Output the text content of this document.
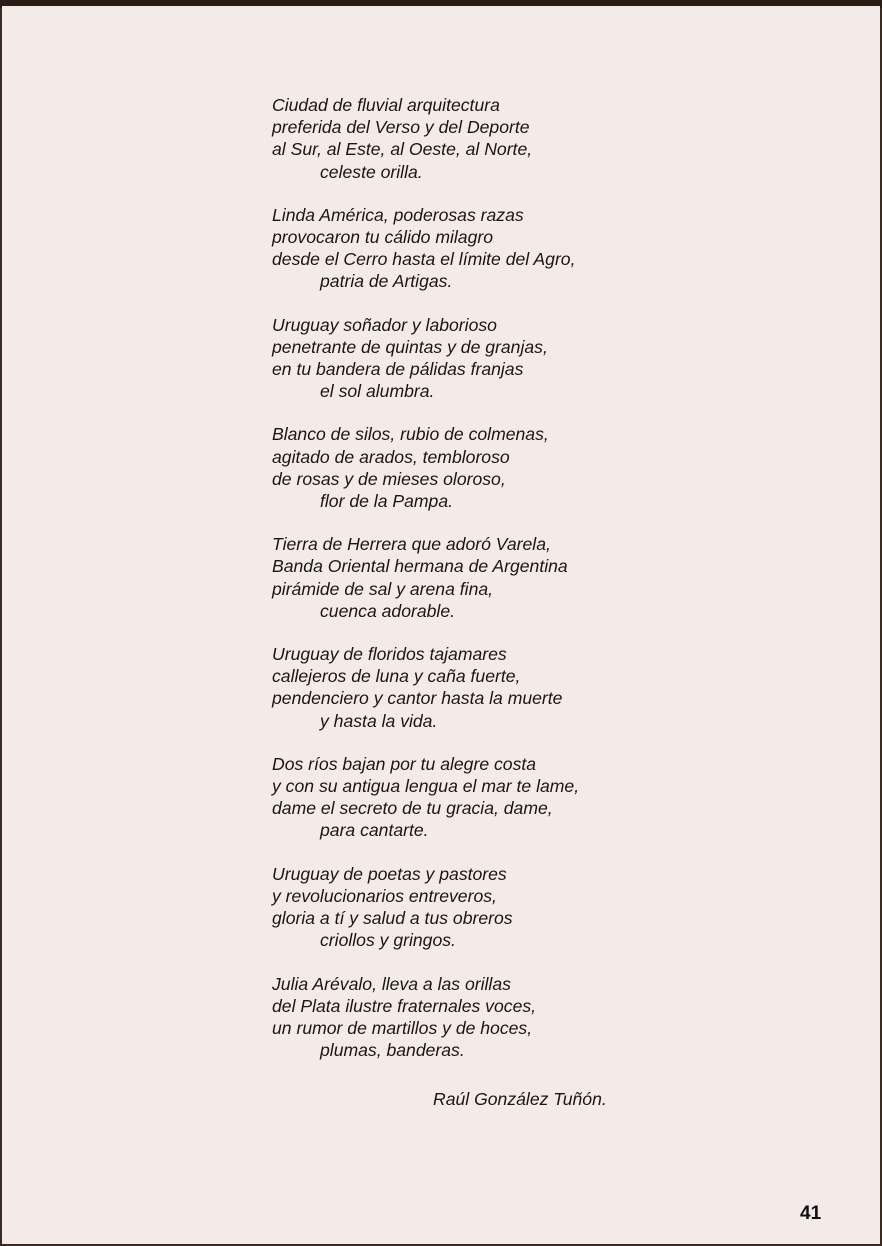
Ciudad de fluvial arquitectura
preferida del Verso y del Deporte
al Sur, al Este, al Oeste, al Norte,
celeste orilla.
Linda América, poderosas razas
provocaron tu cálido milagro
desde el Cerro hasta el límite del Agro,
patria de Artigas.
Uruguay soñador y laborioso
penetrante de quintas y de granjas,
en tu bandera de pálidas franjas
el sol alumbra.
Blanco de silos, rubio de colmenas,
agitado de arados, tembloroso
de rosas y de mieses oloroso,
flor de la Pampa.
Tierra de Herrera que adoró Varela,
Banda Oriental hermana de Argentina
pirámide de sal y arena fina,
cuenca adorable.
Uruguay de floridos tajamares
callejeros de luna y caña fuerte,
pendenciero y cantor hasta la muerte
y hasta la vida.
Dos ríos bajan por tu alegre costa
y con su antigua lengua el mar te lame,
dame el secreto de tu gracia, dame,
para cantarte.
Uruguay de poetas y pastores
y revolucionarios entreveros,
gloria a tí y salud a tus obreros
criollos y gringos.
Julia Arévalo, lleva a las orillas
del Plata ilustre fraternales voces,
un rumor de martillos y de hoces,
plumas, banderas.
Raúl González Tuñón.
41
